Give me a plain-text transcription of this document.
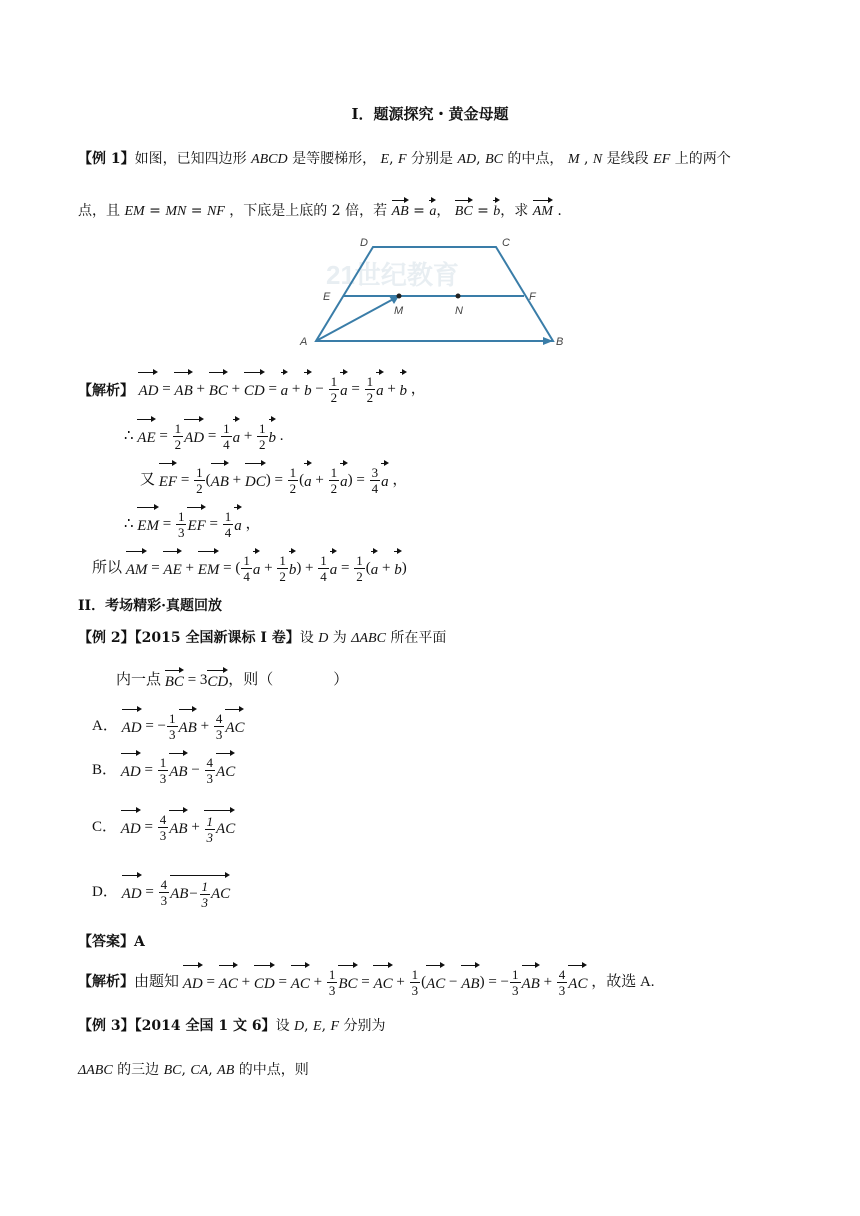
I．题源探究・黄金母题
【例 1】如图，已知四边形 ABCD 是等腰梯形， E, F 分别是 AD, BC 的中点， M , N 是线段 EF 上的两个
点，且 EM = MN = NF ，下底是上底的 2 倍，若 AB = a， BC = b，求 AM .
21世纪教育
D	C
E	F
M	N
A	B
【解析】 AD = AB + BC + CD = $a + b - \frac{1}{2}$ $a = \frac{1}{2}$ a + b ，
∴ AE = $\frac{1}{2}$ AD = $\frac{1}{4}$ $a + \frac{1}{2}$ b .
又 EF = $\frac{1}{2}$ ( AB + DC ) = $\frac{1}{2}$ ( $a + \frac{1}{2}$ a ) = $\frac{3}{4}$ a ，
∴ EM = $\frac{1}{3}$ EF = $\frac{1}{4}$ a ，
所以 AM = AE + EM = ( $\frac{1}{4}$ $a + \frac{1}{2}$ b ) + $\frac{1}{4}$ $a = \frac{1}{2}$ ( a + b )
II．考场精彩·真题回放
【例 2】【2015 全国新课标 I 卷】设 D 为 ΔABC 所在平面
内一点 BC = 3 CD ，则（　　　　）
A． AD = − $\frac{1}{3}$ AB + $\frac{4}{3}$ AC
B． AD = $\frac{1}{3}$ AB − $\frac{4}{3}$ AC
C． AD = $\frac{4}{3}$ AB + $\frac{1}{3}$ AC
D． AD = $\frac{4}{3} AB- \frac{1}{3}$ AC
【答案】A
【解析】 由题知 AD = AC + CD = AC + $\frac{1}{3}$ BC = AC + $\frac{1}{3}$ ( AC − AB ) = − $\frac{1}{3}$ AB + $\frac{4}{3}$ AC ，故选 A.
【例 3】【2014 全国 1 文 6】设 D, E, F 分别为
ΔABC 的三边 BC, CA, AB 的中点，则
